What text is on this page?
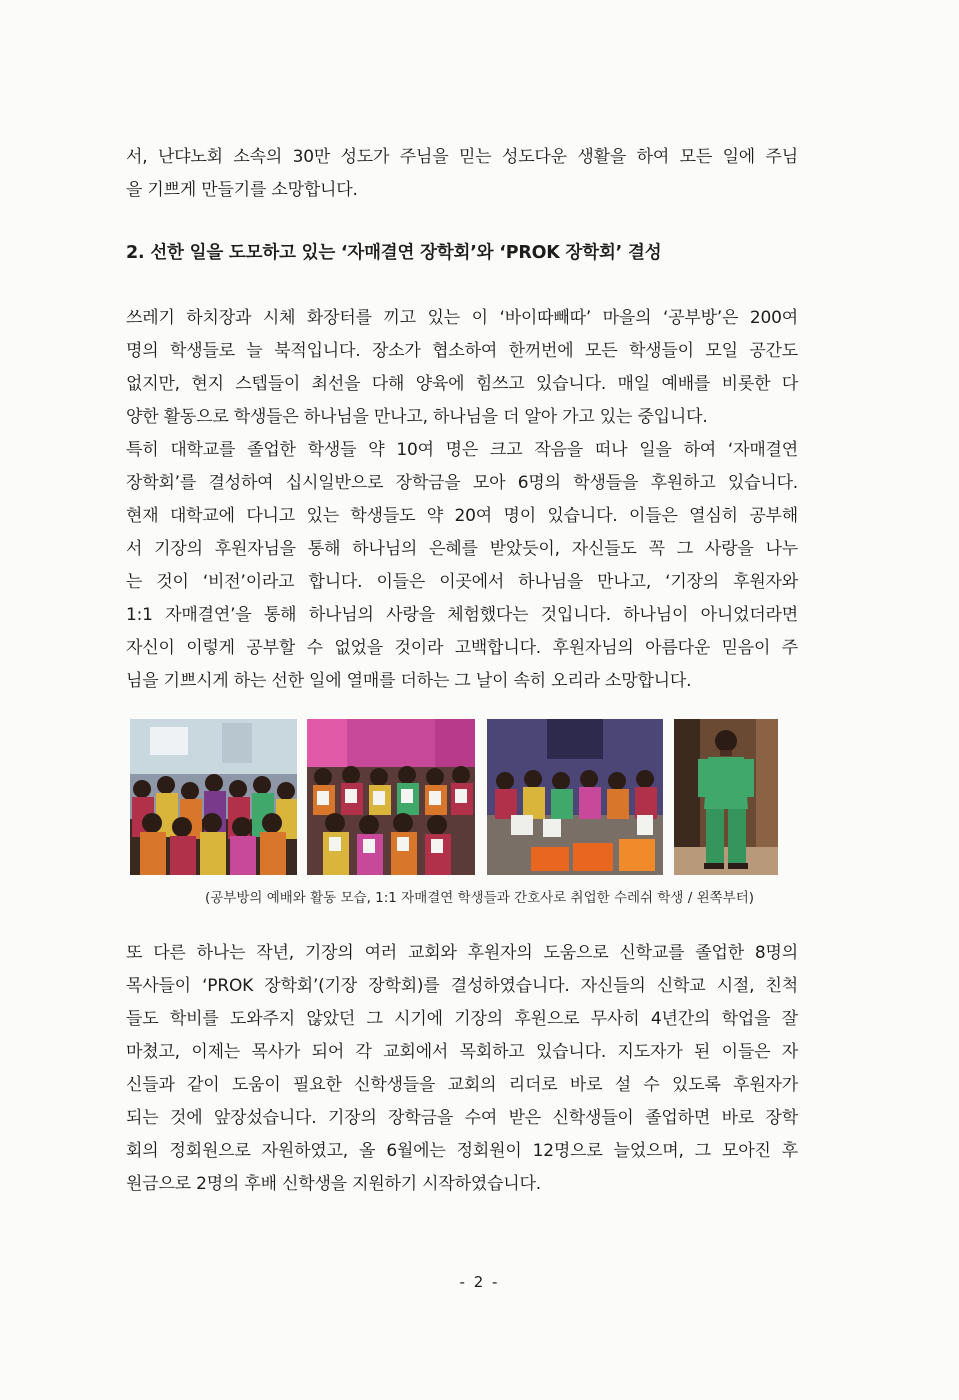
서, 난댜노회 소속의 30만 성도가 주님을 믿는 성도다운 생활을 하여 모든 일에 주님
을 기쁘게 만들기를 소망합니다.
2. 선한 일을 도모하고 있는 ‘자매결연 장학회’와 ‘PROK 장학회’ 결성
쓰레기 하치장과 시체 화장터를 끼고 있는 이 ‘바이따빼따’ 마을의 ‘공부방’은 200여
명의 학생들로 늘 북적입니다. 장소가 협소하여 한꺼번에 모든 학생들이 모일 공간도
없지만, 현지 스텝들이 최선을 다해 양육에 힘쓰고 있습니다. 매일 예배를 비롯한 다
양한 활동으로 학생들은 하나님을 만나고, 하나님을 더 알아 가고 있는 중입니다.
특히 대학교를 졸업한 학생들 약 10여 명은 크고 작음을 떠나 일을 하여 ‘자매결연
장학회’를 결성하여 십시일반으로 장학금을 모아 6명의 학생들을 후원하고 있습니다.
현재 대학교에 다니고 있는 학생들도 약 20여 명이 있습니다. 이들은 열심히 공부해
서 기장의 후원자님을 통해 하나님의 은혜를 받았듯이, 자신들도 꼭 그 사랑을 나누
는 것이 ‘비전’이라고 합니다. 이들은 이곳에서 하나님을 만나고, ‘기장의 후원자와
1:1 자매결연’을 통해 하나님의 사랑을 체험했다는 것입니다. 하나님이 아니었더라면
자신이 이렇게 공부할 수 없었을 것이라 고백합니다. 후원자님의 아름다운 믿음이 주
님을 기쁘시게 하는 선한 일에 열매를 더하는 그 날이 속히 오리라 소망합니다.
(공부방의 예배와 활동 모습, 1:1 자매결연 학생들과 간호사로 취업한 수레쉬 학생 / 왼쪽부터)
또 다른 하나는 작년, 기장의 여러 교회와 후원자의 도움으로 신학교를 졸업한 8명의
목사들이 ‘PROK 장학회’(기장 장학회)를 결성하였습니다. 자신들의 신학교 시절, 친척
들도 학비를 도와주지 않았던 그 시기에 기장의 후원으로 무사히 4년간의 학업을 잘
마쳤고, 이제는 목사가 되어 각 교회에서 목회하고 있습니다. 지도자가 된 이들은 자
신들과 같이 도움이 필요한 신학생들을 교회의 리더로 바로 설 수 있도록 후원자가
되는 것에 앞장섰습니다. 기장의 장학금을 수여 받은 신학생들이 졸업하면 바로 장학
회의 정회원으로 자원하였고, 올 6월에는 정회원이 12명으로 늘었으며, 그 모아진 후
원금으로 2명의 후배 신학생을 지원하기 시작하였습니다.
- 2 -
